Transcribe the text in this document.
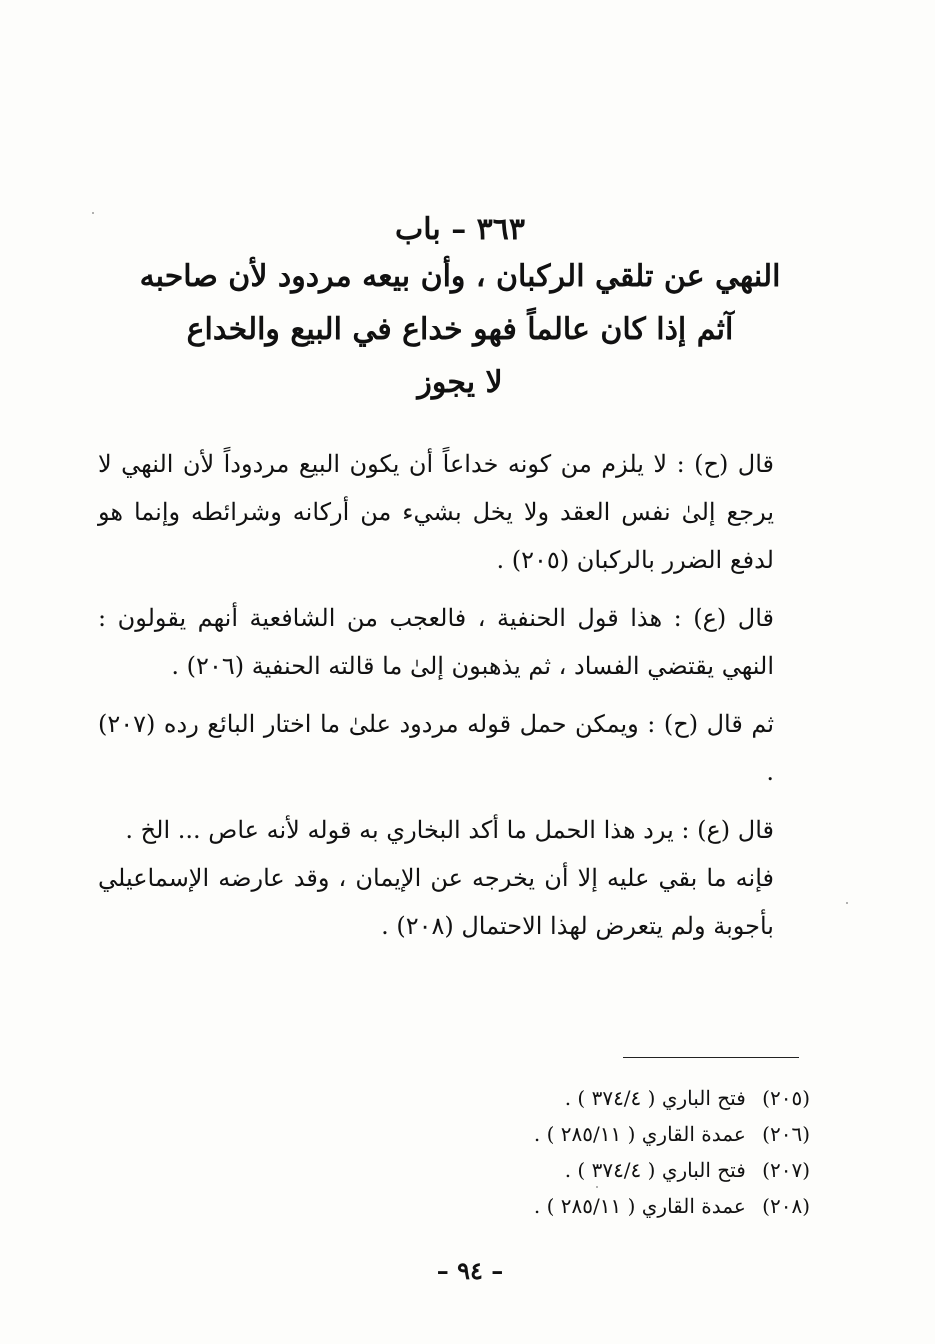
٣٦٣ – باب
النهي عن تلقي الركبان ، وأن بيعه مردود لأن صاحبه
آثم إذا كان عالماً فهو خداع في البيع والخداع
لا يجوز

قال (ح) : لا يلزم من كونه خداعاً أن يكون البيع مردوداً لأن النهي لا يرجع إلىٰ نفس العقد ولا يخل بشيء من أركانه وشرائطه وإنما هو لدفع الضرر بالركبان (٢٠٥) .

قال (ع) : هذا قول الحنفية ، فالعجب من الشافعية أنهم يقولون : النهي يقتضي الفساد ، ثم يذهبون إلىٰ ما قالته الحنفية (٢٠٦) .

ثم قال (ح) : ويمكن حمل قوله مردود علىٰ ما اختار البائع رده (٢٠٧) .

قال (ع) : يرد هذا الحمل ما أكد البخاري به قوله لأنه عاص ... الخ .

فإنه ما بقي عليه إلا أن يخرجه عن الإيمان ، وقد عارضه الإسماعيلي بأجوبة ولم يتعرض لهذا الاحتمال (٢٠٨) .

(٢٠٥) فتح الباري ( ٣٧٤/٤ ) .
(٢٠٦) عمدة القاري ( ٢٨٥/١١ ) .
(٢٠٧) فتح الباري ( ٣٧٤/٤ ) .
(٢٠٨) عمدة القاري ( ٢٨٥/١١ ) .
– ٩٤ –
